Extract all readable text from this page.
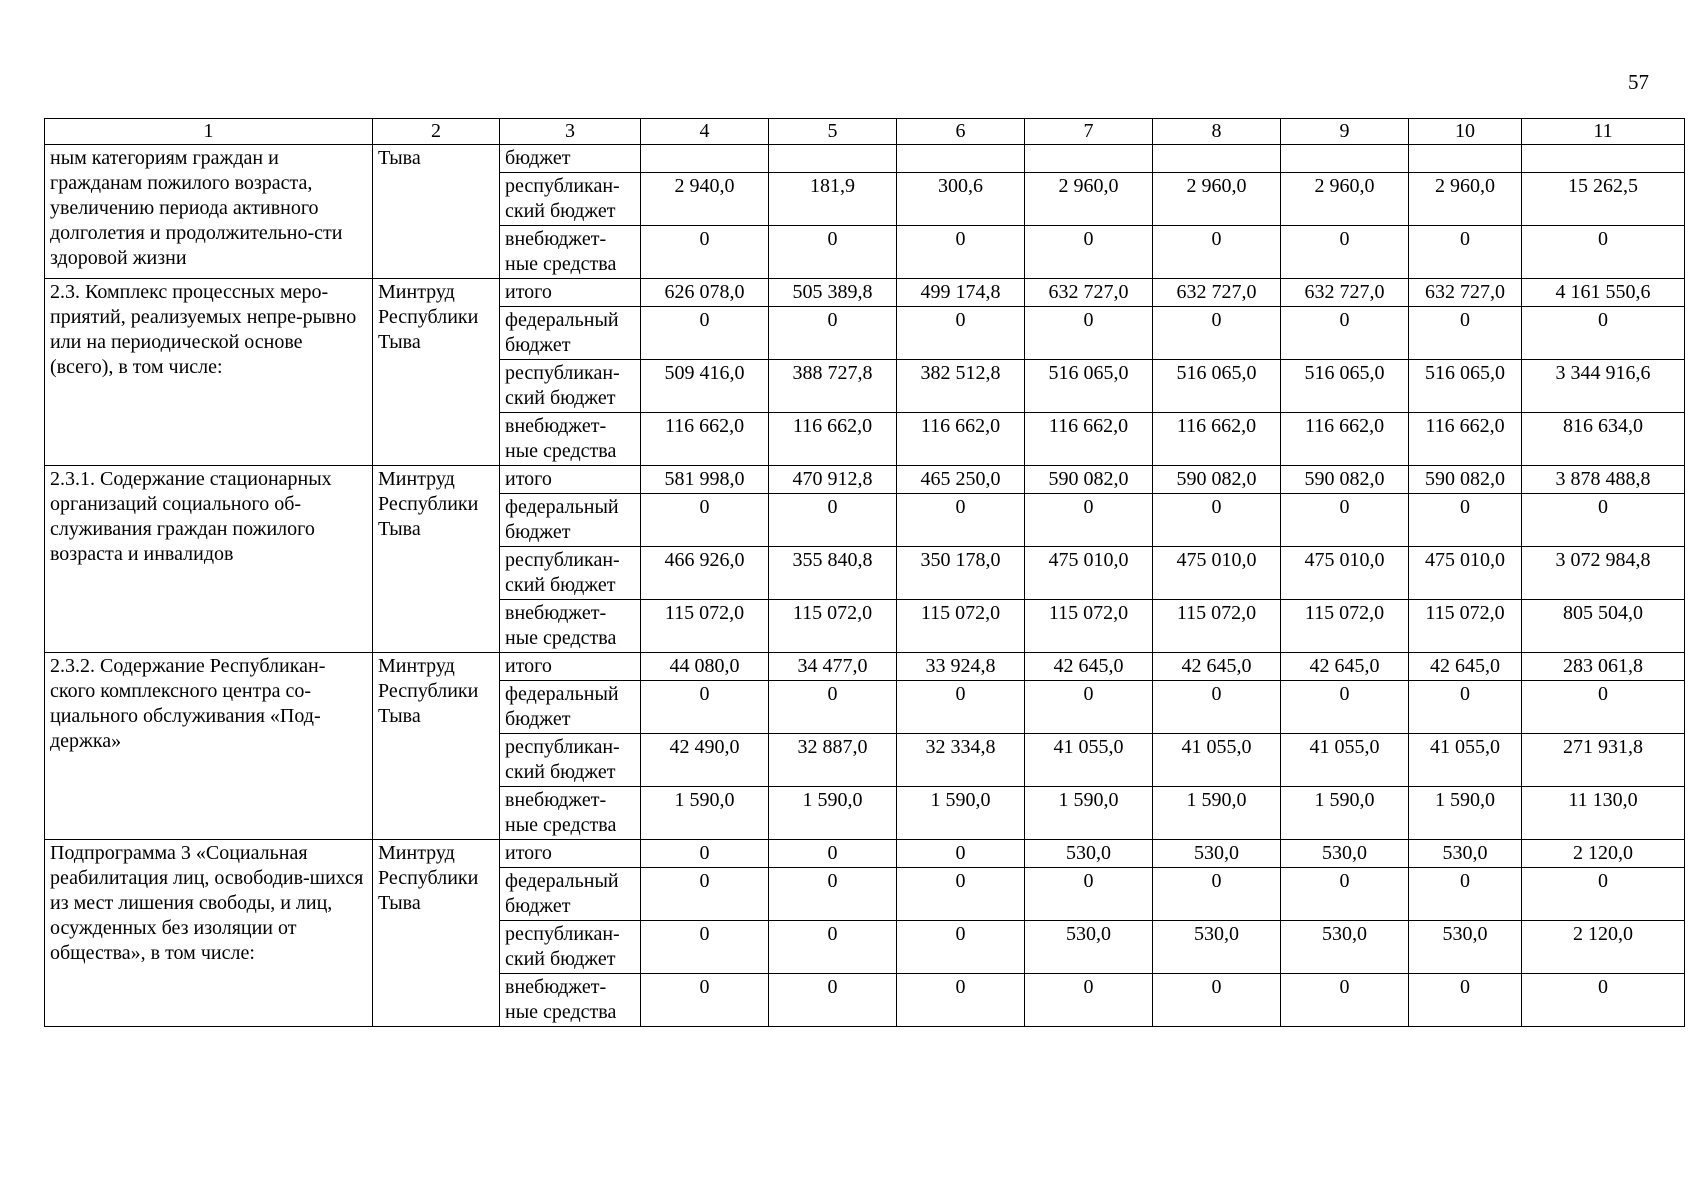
57
1	2	3	4	5	6	7	8	9	10	11
ным категориям граждан и гражданам пожилого возраста, увеличению периода активного долголетия и продолжительно-сти здоровой жизни	Тыва	бюджет								
		республикан-ский бюджет	2 940,0	181,9	300,6	2 960,0	2 960,0	2 960,0	2 960,0	15 262,5
		внебюджет-ные средства	0	0	0	0	0	0	0	0
2.3. Комплекс процессных меро-приятий, реализуемых непре-рывно или на периодической основе (всего), в том числе:	Минтруд Республики Тыва	итого	626 078,0	505 389,8	499 174,8	632 727,0	632 727,0	632 727,0	632 727,0	4 161 550,6
		федеральный бюджет	0	0	0	0	0	0	0	0
		республикан-ский бюджет	509 416,0	388 727,8	382 512,8	516 065,0	516 065,0	516 065,0	516 065,0	3 344 916,6
		внебюджет-ные средства	116 662,0	116 662,0	116 662,0	116 662,0	116 662,0	116 662,0	116 662,0	816 634,0
2.3.1. Содержание стационарных организаций социального об-служивания граждан пожилого возраста и инвалидов	Минтруд Республики Тыва	итого	581 998,0	470 912,8	465 250,0	590 082,0	590 082,0	590 082,0	590 082,0	3 878 488,8
		федеральный бюджет	0	0	0	0	0	0	0	0
		республикан-ский бюджет	466 926,0	355 840,8	350 178,0	475 010,0	475 010,0	475 010,0	475 010,0	3 072 984,8
		внебюджет-ные средства	115 072,0	115 072,0	115 072,0	115 072,0	115 072,0	115 072,0	115 072,0	805 504,0
2.3.2. Содержание Республикан-ского комплексного центра со-циального обслуживания «Под-держка»	Минтруд Республики Тыва	итого	44 080,0	34 477,0	33 924,8	42 645,0	42 645,0	42 645,0	42 645,0	283 061,8
		федеральный бюджет	0	0	0	0	0	0	0	0
		республикан-ский бюджет	42 490,0	32 887,0	32 334,8	41 055,0	41 055,0	41 055,0	41 055,0	271 931,8
		внебюджет-ные средства	1 590,0	1 590,0	1 590,0	1 590,0	1 590,0	1 590,0	1 590,0	11 130,0
Подпрограмма 3 «Социальная реабилитация лиц, освободив-шихся из мест лишения свободы, и лиц, осужденных без изоляции от общества», в том числе:	Минтруд Республики Тыва	итого	0	0	0	530,0	530,0	530,0	530,0	2 120,0
		федеральный бюджет	0	0	0	0	0	0	0	0
		республикан-ский бюджет	0	0	0	530,0	530,0	530,0	530,0	2 120,0
		внебюджет-ные средства	0	0	0	0	0	0	0	0
